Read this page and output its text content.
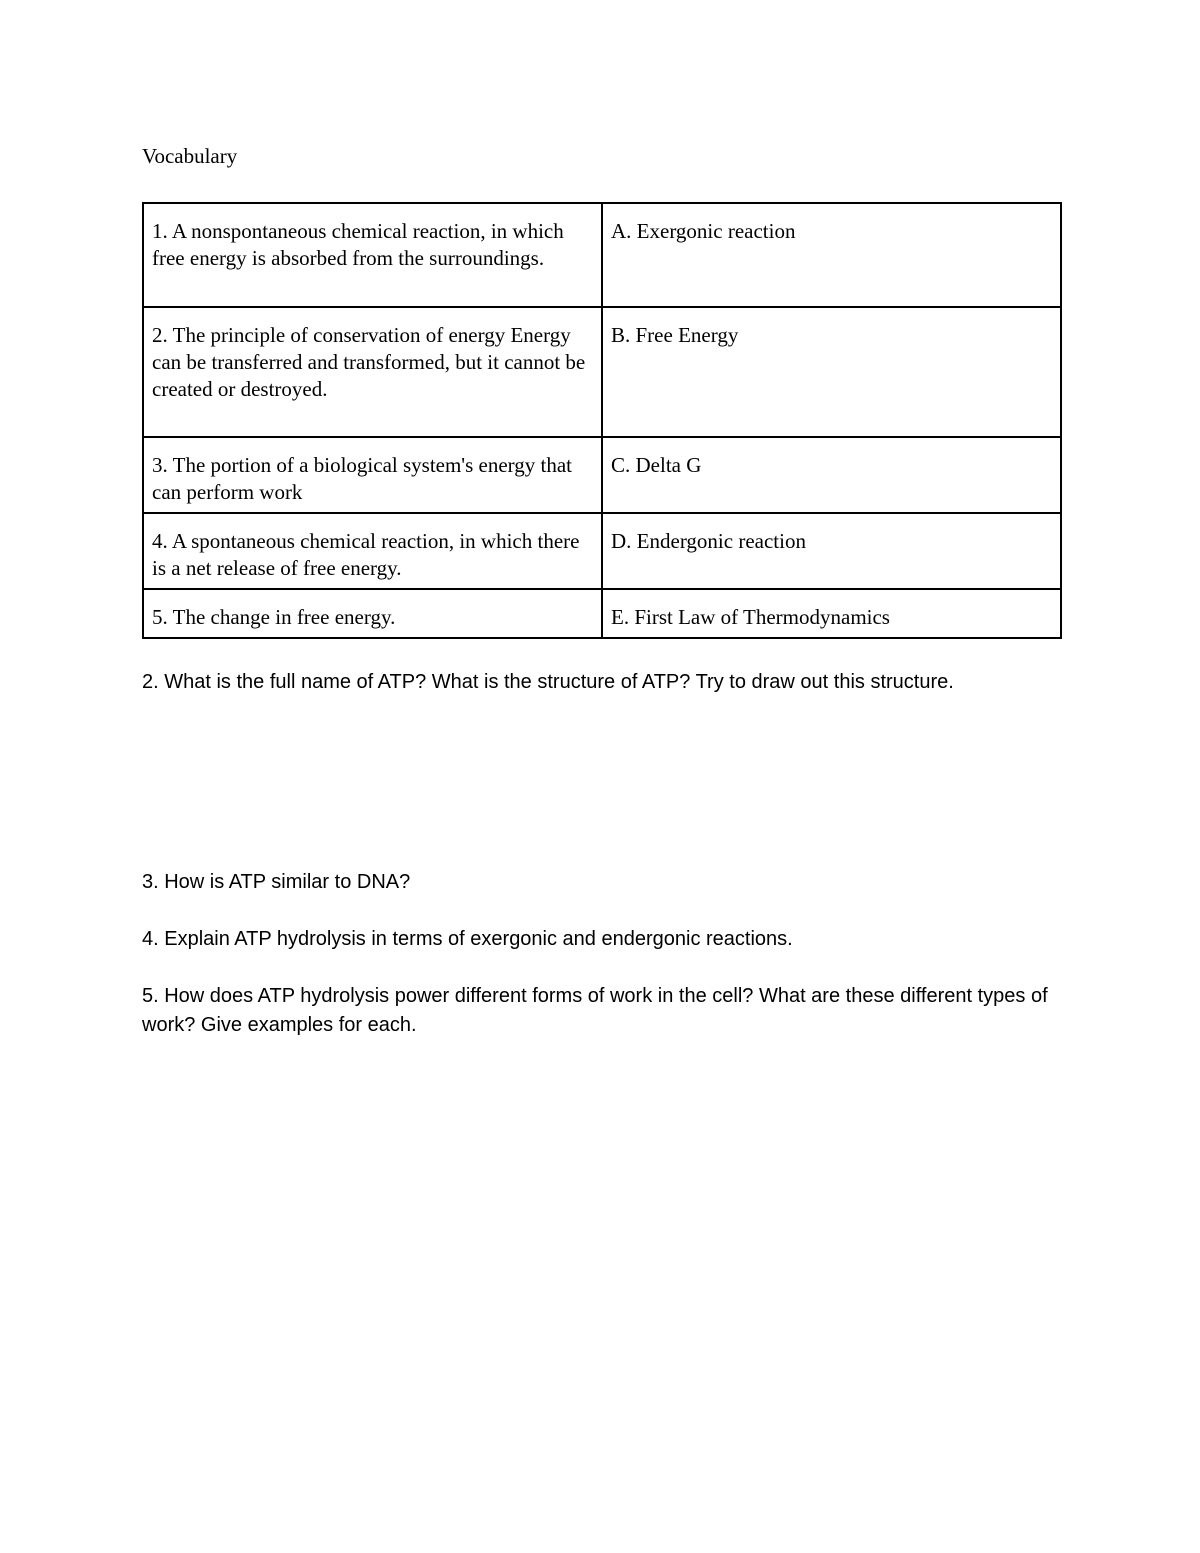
Vocabulary
1. A nonspontaneous chemical reaction, in which free energy is absorbed from the surroundings.	A. Exergonic reaction
2. The principle of conservation of energy Energy can be transferred and transformed, but it cannot be created or destroyed.	B. Free Energy
3. The portion of a biological system's energy that can perform work	C. Delta G
4. A spontaneous chemical reaction, in which there is a net release of free energy.	D. Endergonic reaction
5. The change in free energy.	E. First Law of Thermodynamics

2. What is the full name of ATP? What is the structure of ATP? Try to draw out this structure.

3. How is ATP similar to DNA?

4. Explain ATP hydrolysis in terms of exergonic and endergonic reactions.

5. How does ATP hydrolysis power different forms of work in the cell? What are these different types of work? Give examples for each.
